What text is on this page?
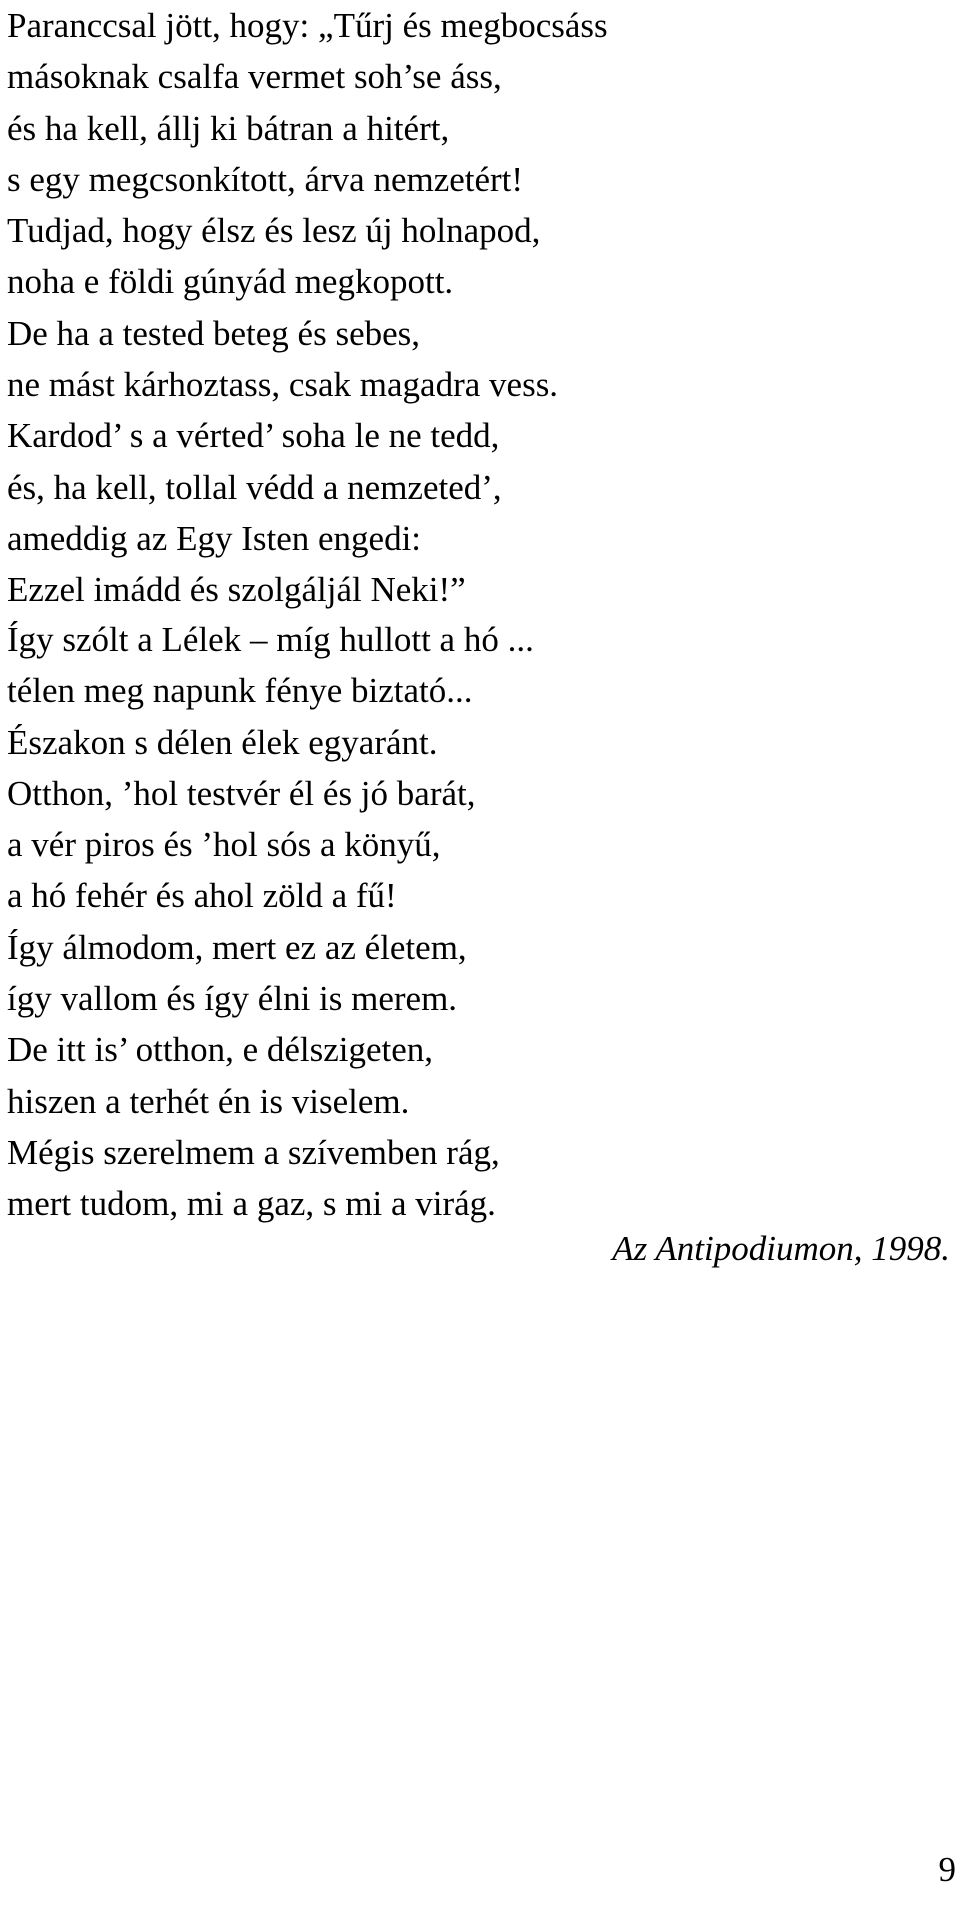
Paranccsal jött, hogy: „Tűrj és megbocsáss
másoknak csalfa vermet soh’se áss,
és ha kell, állj ki bátran a hitért,
s egy megcsonkított, árva nemzetért!
Tudjad, hogy élsz és lesz új holnapod,
noha e földi gúnyád megkopott.
De ha a tested beteg és sebes,
ne mást kárhoztass, csak magadra vess.
Kardod’ s a vérted’ soha le ne tedd,
és, ha kell, tollal védd a nemzeted’,
ameddig az Egy Isten engedi:
Ezzel imádd és szolgálјál Neki!”
Így szólt a Lélek – míg hullott a hó ...
télen meg napunk fénye biztató...
Északon s délen élek egyaránt.
Otthon, ’hol testvér él és jó barát,
a vér piros és ’hol sós a könyű,
a hó fehér és ahol zöld a fű!
Így álmodom, mert ez az életem,
így vallom és így élni is merem.
De itt is’ otthon, e délszigeten,
hiszen a terhét én is viselem.
Mégis szerelmem a szívemben rág,
mert tudom, mi a gaz, s mi a virág.
Az Antipodiumon, 1998.
9
